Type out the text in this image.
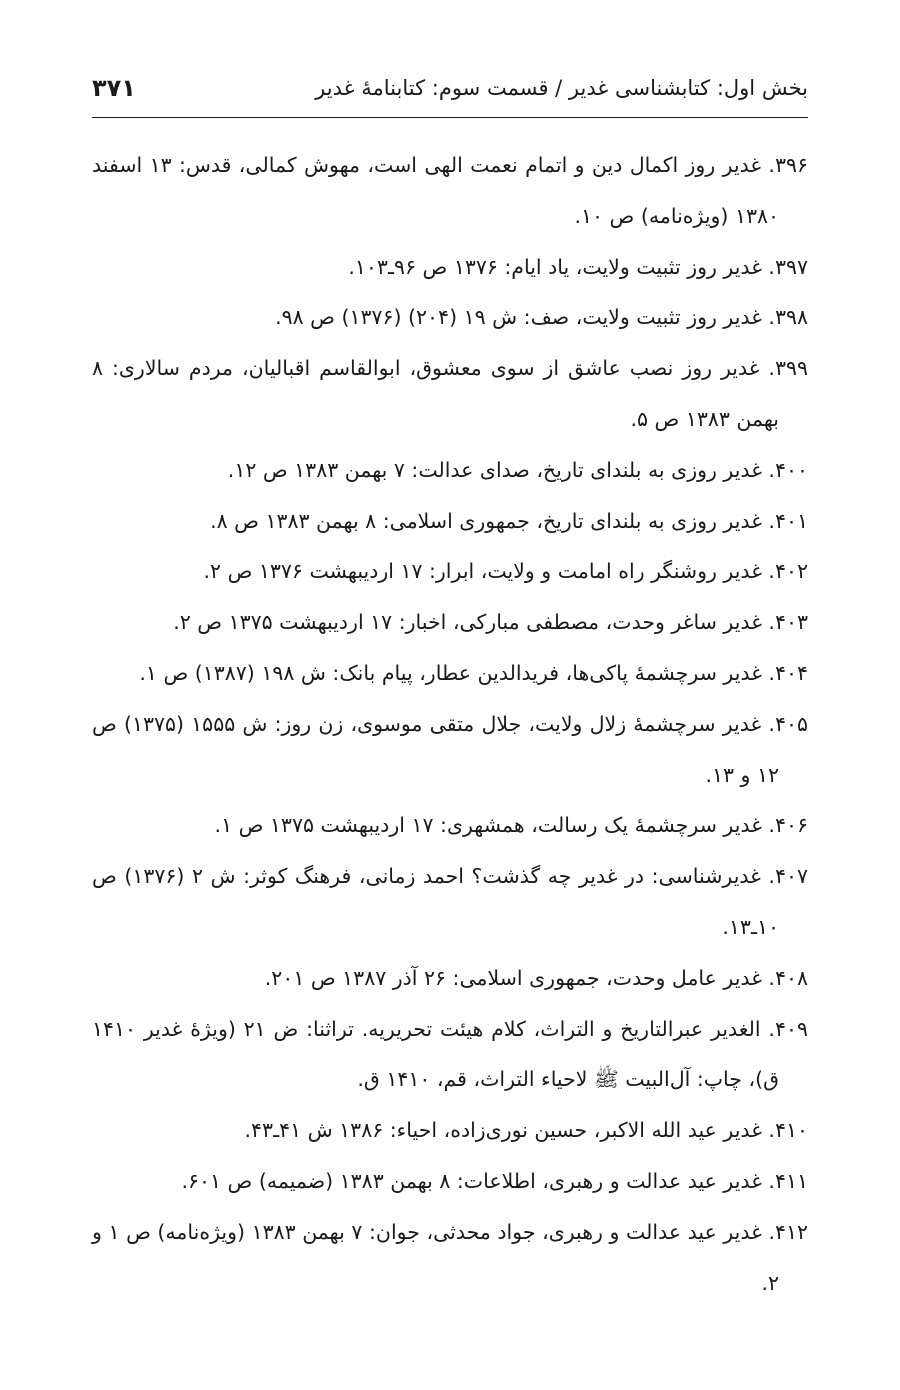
بخش اول: کتابشناسی غدیر / قسمت سوم: کتابنامۀ غدیر
۳۷۱
۳۹۶. غدیر روز اکمال دین و اتمام نعمت الهی است، مهوش کمالی، قدس: ۱۳ اسفند ۱۳۸۰ (ویژه‌نامه) ص ۱۰.
۳۹۷. غدیر روز تثبیت ولایت، یاد ایام: ۱۳۷۶ ص ۹۶ـ۱۰۳.
۳۹۸. غدیر روز تثبیت ولایت، صف: ش ۱۹ (۲۰۴) (۱۳۷۶) ص ۹۸.
۳۹۹. غدیر روز نصب عاشق از سوی معشوق، ابوالقاسم اقبالیان، مردم سالاری: ۸ بهمن ۱۳۸۳ ص ۵.
۴۰۰. غدیر روزی به بلندای تاریخ، صدای عدالت: ۷ بهمن ۱۳۸۳ ص ۱۲.
۴۰۱. غدیر روزی به بلندای تاریخ، جمهوری اسلامی: ۸ بهمن ۱۳۸۳ ص ۸.
۴۰۲. غدیر روشنگر راه امامت و ولایت، ابرار: ۱۷ اردیبهشت ۱۳۷۶ ص ۲.
۴۰۳. غدیر ساغر وحدت، مصطفی مبارکی، اخبار: ۱۷ اردیبهشت ۱۳۷۵ ص ۲.
۴۰۴. غدیر سرچشمۀ پاکی‌ها، فریدالدین عطار، پیام بانک: ش ۱۹۸ (۱۳۸۷) ص ۱.
۴۰۵. غدیر سرچشمۀ زلال ولایت، جلال متقی موسوی، زن روز: ش ۱۵۵۵ (۱۳۷۵) ص ۱۲ و ۱۳.
۴۰۶. غدیر سرچشمۀ یک رسالت، همشهری: ۱۷ اردیبهشت ۱۳۷۵ ص ۱.
۴۰۷. غدیرشناسی: در غدیر چه گذشت؟ احمد زمانی، فرهنگ کوثر: ش ۲ (۱۳۷۶) ص ۱۰ـ۱۳.
۴۰۸. غدیر عامل وحدت، جمهوری اسلامی: ۲۶ آذر ۱۳۸۷ ص ۲۰۱.
۴۰۹. الغدیر عبرالتاریخ و التراث، کلام هیئت تحریریه. تراثنا: ض ۲۱ (ویژۀ غدیر ۱۴۱۰ ق)، چاپ: آل‌البیت ﷺ لاحیاء التراث، قم، ۱۴۱۰ ق.
۴۱۰. غدیر عید الله الاکبر، حسین نوری‌زاده، احیاء: ۱۳۸۶ ش ۴۱ـ۴۳.
۴۱۱. غدیر عید عدالت و رهبری، اطلاعات: ۸ بهمن ۱۳۸۳ (ضمیمه) ص ۶۰۱.
۴۱۲. غدیر عید عدالت و رهبری، جواد محدثی، جوان: ۷ بهمن ۱۳۸۳ (ویژه‌نامه) ص ۱ و ۲.
